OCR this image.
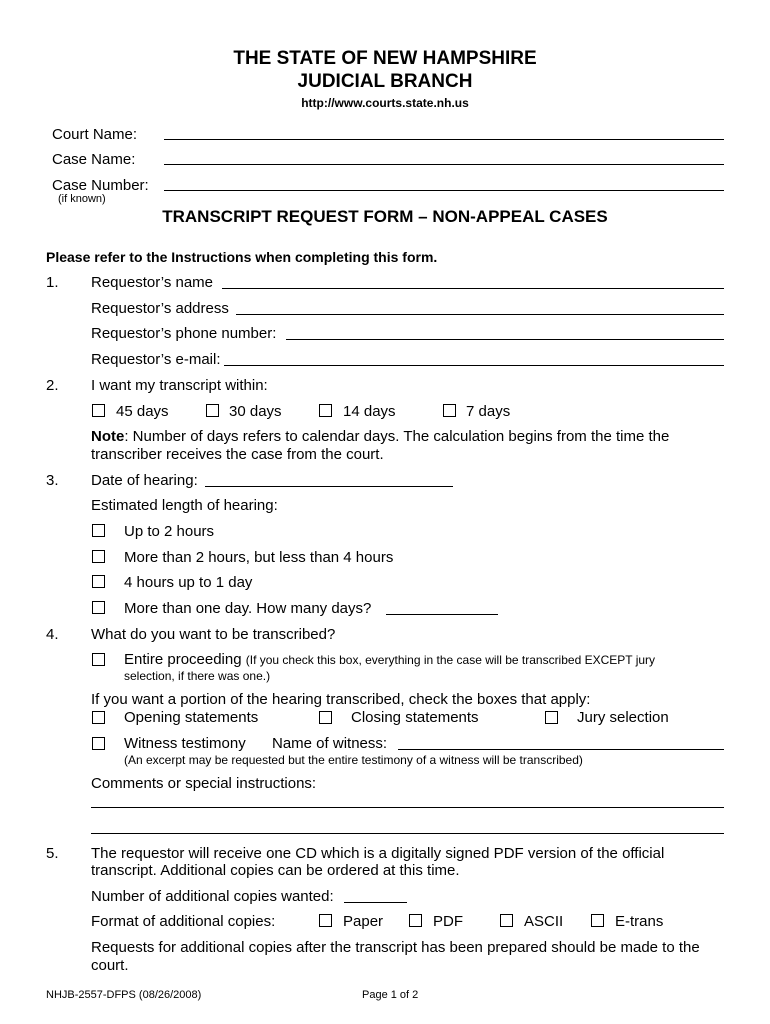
THE STATE OF NEW HAMPSHIRE
JUDICIAL BRANCH
http://www.courts.state.nh.us
Court Name:
Case Name:
Case Number:
(if known)
TRANSCRIPT REQUEST FORM – NON-APPEAL CASES
Please refer to the Instructions when completing this form.
1. Requestor’s name
Requestor’s address
Requestor’s phone number:
Requestor’s e-mail:
2. I want my transcript within:
45 days	30 days	14 days	7 days
Note: Number of days refers to calendar days. The calculation begins from the time the transcriber receives the case from the court.
3. Date of hearing:
Estimated length of hearing:
Up to 2 hours
More than 2 hours, but less than 4 hours
4 hours up to 1 day
More than one day. How many days?
4. What do you want to be transcribed?
Entire proceeding (If you check this box, everything in the case will be transcribed EXCEPT jury
selection, if there was one.)
If you want a portion of the hearing transcribed, check the boxes that apply:
Opening statements	Closing statements	Jury selection
Witness testimony Name of witness:
(An excerpt may be requested but the entire testimony of a witness will be transcribed)
Comments or special instructions:
5. The requestor will receive one CD which is a digitally signed PDF version of the official
transcript. Additional copies can be ordered at this time.
Number of additional copies wanted:
Format of additional copies:	Paper	PDF	ASCII	E-trans
Requests for additional copies after the transcript has been prepared should be made to the
court.
NHJB-2557-DFPS (08/26/2008)	Page 1 of 2
